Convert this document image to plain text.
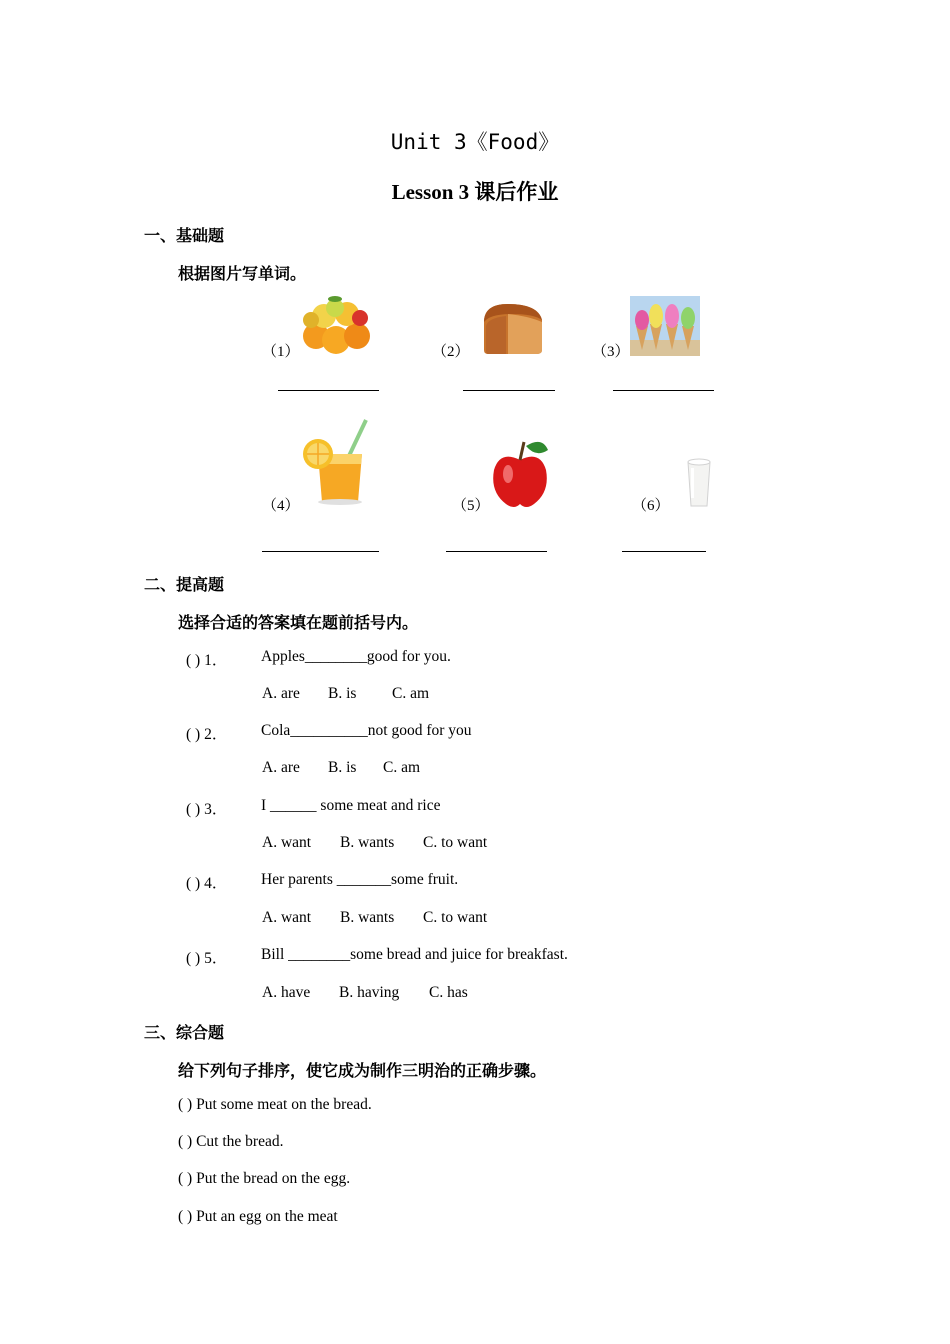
Unit 3《Food》
Lesson 3 课后作业
一、基础题
根据图片写单词。
（1）	（2）	（3）
（4）	（5）	（6）
二、提高题
选择合适的答案填在题前括号内。
( ) 1． Apples________good for you.
A. are B. is C. am
( ) 2． Cola__________not good for you
A. are B. is C. am
( ) 3． I ______ some meat and rice
A. want B. wants C. to want
( ) 4． Her parents _______some fruit.
A. want B. wants C. to want
( ) 5． Bill ________some bread and juice for breakfast.
A. have B. having C. has
三、综合题
给下列句子排序，使它成为制作三明治的正确步骤。
( ) Put some meat on the bread.
( ) Cut the bread.
( ) Put the bread on the egg.
( ) Put an egg on the meat
